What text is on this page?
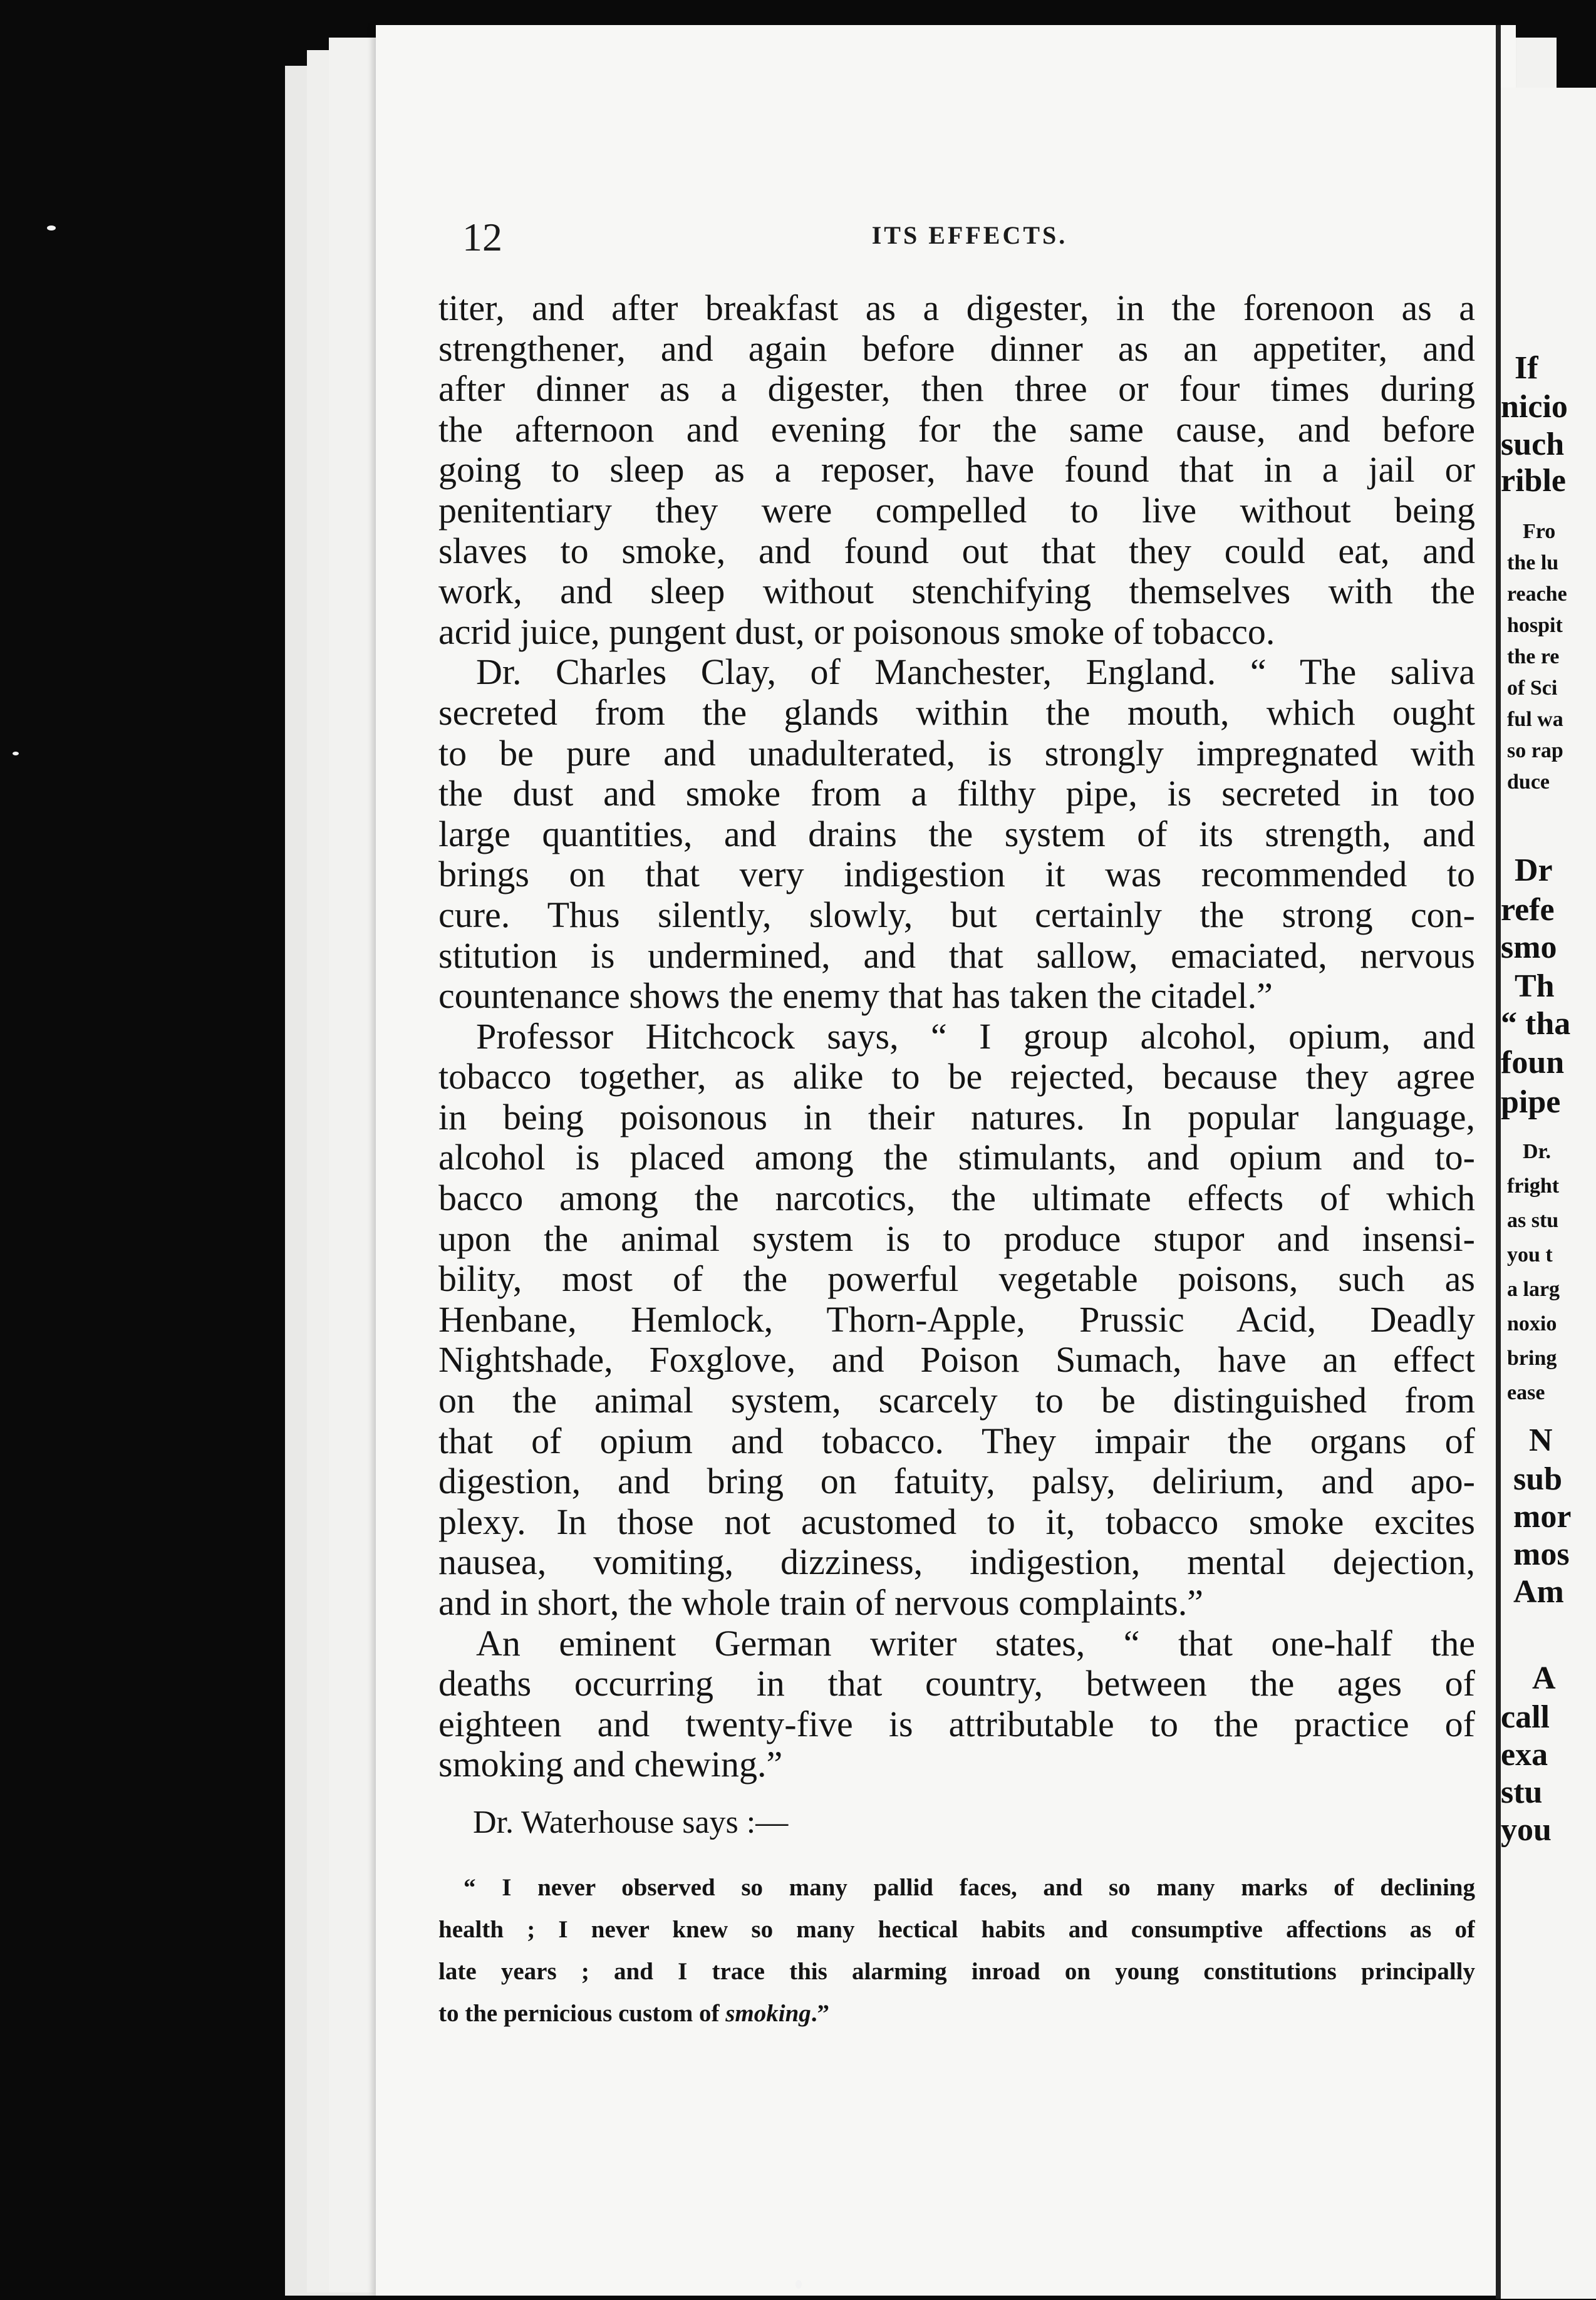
12	ITS EFFECTS.
titer, and after breakfast as a digester, in the forenoon as a
strengthener, and again before dinner as an appetiter, and
after dinner as a digester, then three or four times during
the afternoon and evening for the same cause, and before
going to sleep as a reposer, have found that in a jail or
penitentiary they were compelled to live without being
slaves to smoke, and found out that they could eat, and
work, and sleep without stenchifying themselves with the
acrid juice, pungent dust, or poisonous smoke of tobacco.
Dr. Charles Clay, of Manchester, England. “ The saliva
secreted from the glands within the mouth, which ought
to be pure and unadulterated, is strongly impregnated with
the dust and smoke from a filthy pipe, is secreted in too
large quantities, and drains the system of its strength, and
brings on that very indigestion it was recommended to
cure. Thus silently, slowly, but certainly the strong con-
stitution is undermined, and that sallow, emaciated, nervous
countenance shows the enemy that has taken the citadel.”
Professor Hitchcock says, “ I group alcohol, opium, and
tobacco together, as alike to be rejected, because they agree
in being poisonous in their natures. In popular language,
alcohol is placed among the stimulants, and opium and to-
bacco among the narcotics, the ultimate effects of which
upon the animal system is to produce stupor and insensi-
bility, most of the powerful vegetable poisons, such as
Henbane, Hemlock, Thorn-Apple, Prussic Acid, Deadly
Nightshade, Foxglove, and Poison Sumach, have an effect
on the animal system, scarcely to be distinguished from
that of opium and tobacco. They impair the organs of
digestion, and bring on fatuity, palsy, delirium, and apo-
plexy. In those not acustomed to it, tobacco smoke excites
nausea, vomiting, dizziness, indigestion, mental dejection,
and in short, the whole train of nervous complaints.”
An eminent German writer states, “ that one-half the
deaths occurring in that country, between the ages of
eighteen and twenty-five is attributable to the practice of
smoking and chewing.”
Dr. Waterhouse says :—
“ I never observed so many pallid faces, and so many marks of declining
health ; I never knew so many hectical habits and consumptive affections as of
late years ; and I trace this alarming inroad on young constitutions principally
to the pernicious custom of smoking.”
If
nicio
such
rible
Fro
the lu
reache
hospit
the re
of Sci
ful wa
so rap
duce
Dr
refe
smo
Th
“ tha
foun
pipe
Dr.
fright
as stu
you t
a larg
noxio
bring
ease
N
sub
mor
mos
Am
A
call
exa
stu
you
